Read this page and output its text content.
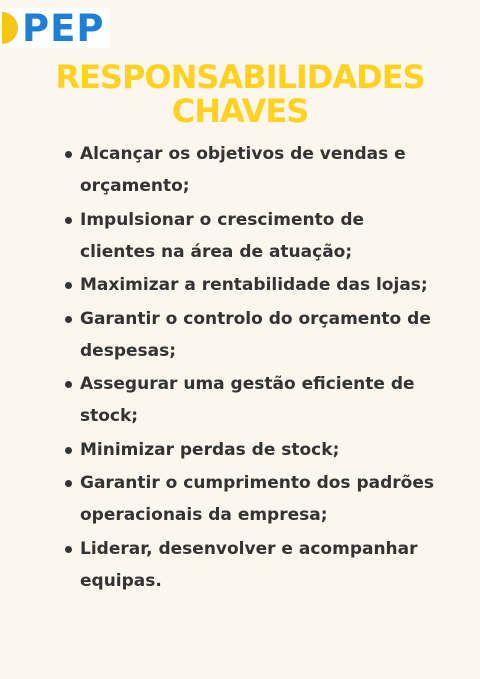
PEP
RESPONSABILIDADES
CHAVES
Alcançar os objetivos de vendas e orçamento;
Impulsionar o crescimento de clientes na área de atuação;
Maximizar a rentabilidade das lojas;
Garantir o controlo do orçamento de despesas;
Assegurar uma gestão eficiente de stock;
Minimizar perdas de stock;
Garantir o cumprimento dos padrões operacionais da empresa;
Liderar, desenvolver e acompanhar equipas.
